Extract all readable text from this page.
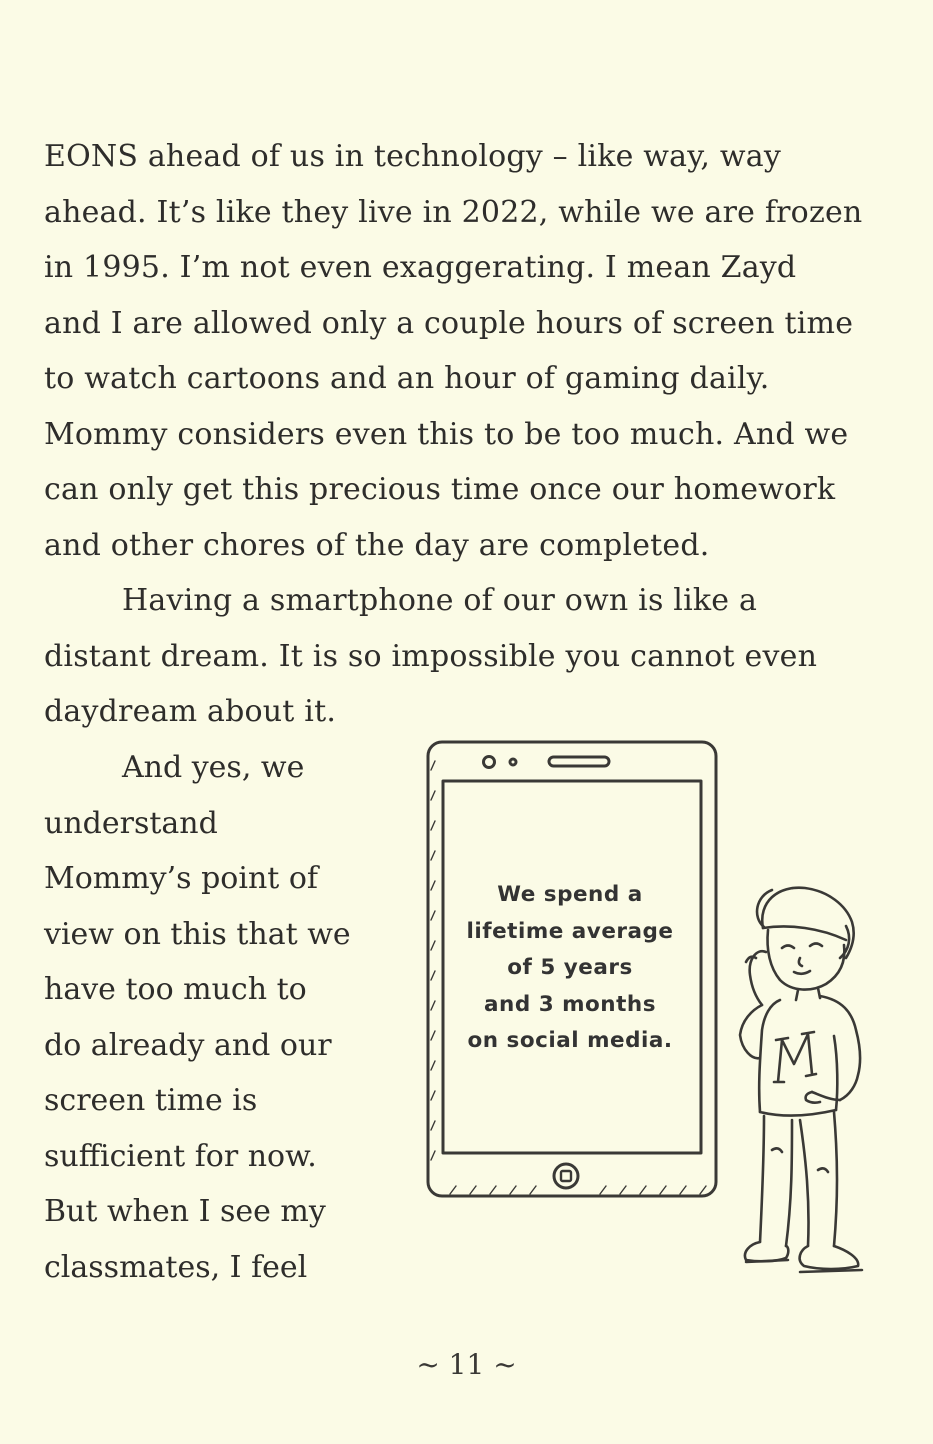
EONS ahead of us in technology – like way, way
ahead. It’s like they live in 2022, while we are frozen
in 1995. I’m not even exaggerating. I mean Zayd
and I are allowed only a couple hours of screen time
to watch cartoons and an hour of gaming daily.
Mommy considers even this to be too much. And we
can only get this precious time once our homework
and other chores of the day are completed.

Having a smartphone of our own is like a
distant dream. It is so impossible you cannot even
daydream about it.

And yes, we
understand
Mommy’s point of
view on this that we
have too much to
do already and our
screen time is
sufficient for now.
But when I see my
classmates, I feel

We spend a
lifetime average
of 5 years
and 3 months
on social media.
~ 11 ~
